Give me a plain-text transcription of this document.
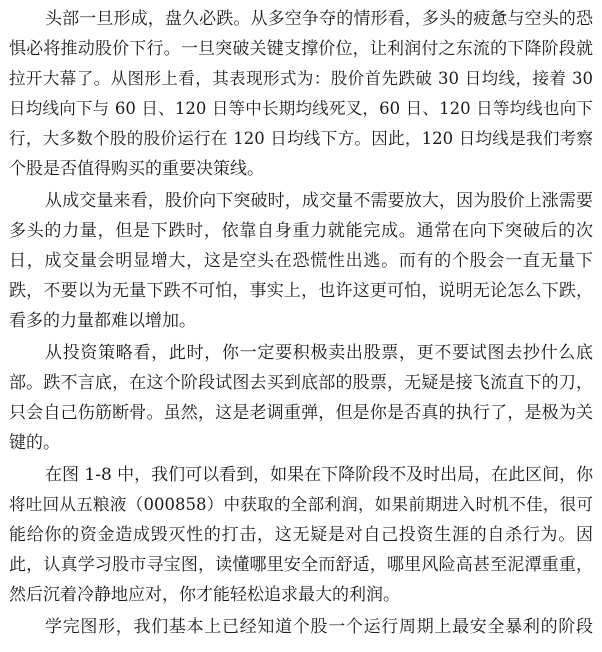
头部一旦形成，盘久必跌。从多空争夺的情形看，多头的疲惫与空头的恐
惧必将推动股价下行。一旦突破关键支撑价位，让利润付之东流的下降阶段就
拉开大幕了。从图形上看，其表现形式为：股价首先跌破 30 日均线，接着 30
日均线向下与 60 日、120 日等中长期均线死叉，60 日、120 日等均线也向下
行，大多数个股的股价运行在 120 日均线下方。因此，120 日均线是我们考察
个股是否值得购买的重要决策线。
从成交量来看，股价向下突破时，成交量不需要放大，因为股价上涨需要
多头的力量，但是下跌时，依靠自身重力就能完成。通常在向下突破后的次
日，成交量会明显增大，这是空头在恐慌性出逃。而有的个股会一直无量下
跌，不要以为无量下跌不可怕，事实上，也许这更可怕，说明无论怎么下跌，
看多的力量都难以增加。
从投资策略看，此时，你一定要积极卖出股票，更不要试图去抄什么底
部。跌不言底，在这个阶段试图去买到底部的股票，无疑是接飞流直下的刀，
只会自己伤筋断骨。虽然，这是老调重弹，但是你是否真的执行了，是极为关
键的。
在图 1-8 中，我们可以看到，如果在下降阶段不及时出局，在此区间，你
将吐回从五粮液（000858）中获取的全部利润，如果前期进入时机不佳，很可
能给你的资金造成毁灭性的打击，这无疑是对自己投资生涯的自杀行为。因
此，认真学习股市寻宝图，读懂哪里安全而舒适，哪里风险高甚至泥潭重重，
然后沉着冷静地应对，你才能轻松追求最大的利润。
学完图形，我们基本上已经知道个股一个运行周期上最安全暴利的阶段
